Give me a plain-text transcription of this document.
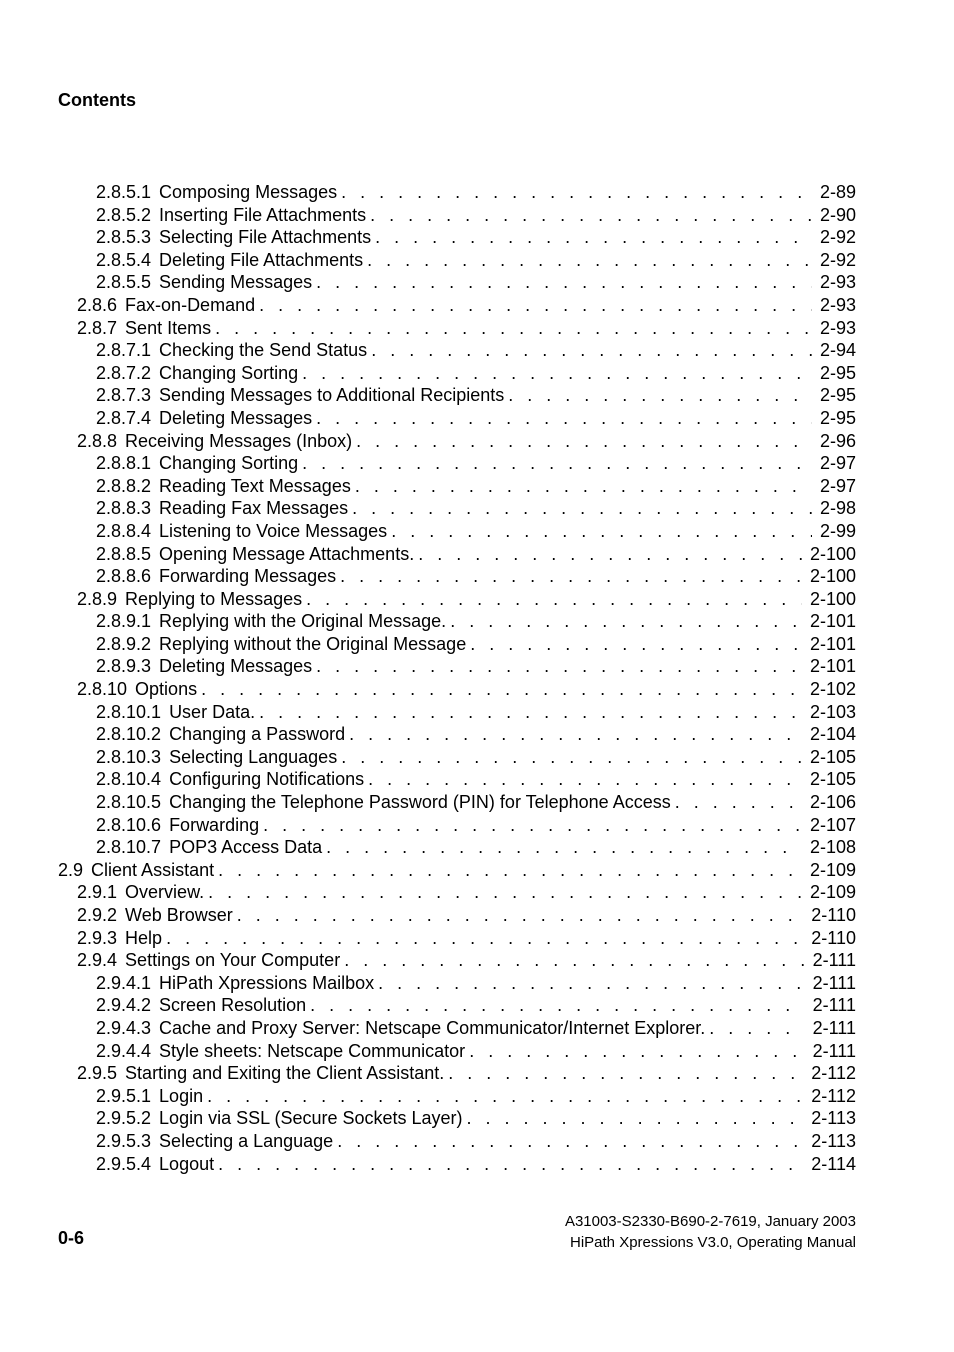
Contents
2.8.5.1 Composing Messages . . .	2-89
2.8.5.2 Inserting File Attachments . . .	2-90
2.8.5.3 Selecting File Attachments . . .	2-92
2.8.5.4 Deleting File Attachments . . .	2-92
2.8.5.5 Sending Messages . . .	2-93
2.8.6 Fax-on-Demand . . .	2-93
2.8.7 Sent Items . . .	2-93
2.8.7.1 Checking the Send Status . . .	2-94
2.8.7.2 Changing Sorting . . .	2-95
2.8.7.3 Sending Messages to Additional Recipients . . .	2-95
2.8.7.4 Deleting Messages . . .	2-95
2.8.8 Receiving Messages (Inbox) . . .	2-96
2.8.8.1 Changing Sorting . . .	2-97
2.8.8.2 Reading Text Messages . . .	2-97
2.8.8.3 Reading Fax Messages . . .	2-98
2.8.8.4 Listening to Voice Messages . . .	2-99
2.8.8.5 Opening Message Attachments. . . .	2-100
2.8.8.6 Forwarding Messages . . .	2-100
2.8.9 Replying to Messages . . .	2-100
2.8.9.1 Replying with the Original Message. . . .	2-101
2.8.9.2 Replying without the Original Message . . .	2-101
2.8.9.3 Deleting Messages . . .	2-101
2.8.10 Options . . .	2-102
2.8.10.1 User Data. . . .	2-103
2.8.10.2 Changing a Password . . .	2-104
2.8.10.3 Selecting Languages . . .	2-105
2.8.10.4 Configuring Notifications . . .	2-105
2.8.10.5 Changing the Telephone Password (PIN) for Telephone Access . . .	2-106
2.8.10.6 Forwarding . . .	2-107
2.8.10.7 POP3 Access Data . . .	2-108
2.9 Client Assistant . . .	2-109
2.9.1 Overview. . . .	2-109
2.9.2 Web Browser . . .	2-110
2.9.3 Help . . .	2-110
2.9.4 Settings on Your Computer . . .	2-111
2.9.4.1 HiPath Xpressions Mailbox . . .	2-111
2.9.4.2 Screen Resolution . . .	2-111
2.9.4.3 Cache and Proxy Server: Netscape Communicator/Internet Explorer. . . .	2-111
2.9.4.4 Style sheets: Netscape Communicator . . .	2-111
2.9.5 Starting and Exiting the Client Assistant. . . .	2-112
2.9.5.1 Login . . .	2-112
2.9.5.2 Login via SSL (Secure Sockets Layer) . . .	2-113
2.9.5.3 Selecting a Language . . .	2-113
2.9.5.4 Logout . . .	2-114
0-6
A31003-S2330-B690-2-7619, January 2003
HiPath Xpressions V3.0, Operating Manual
